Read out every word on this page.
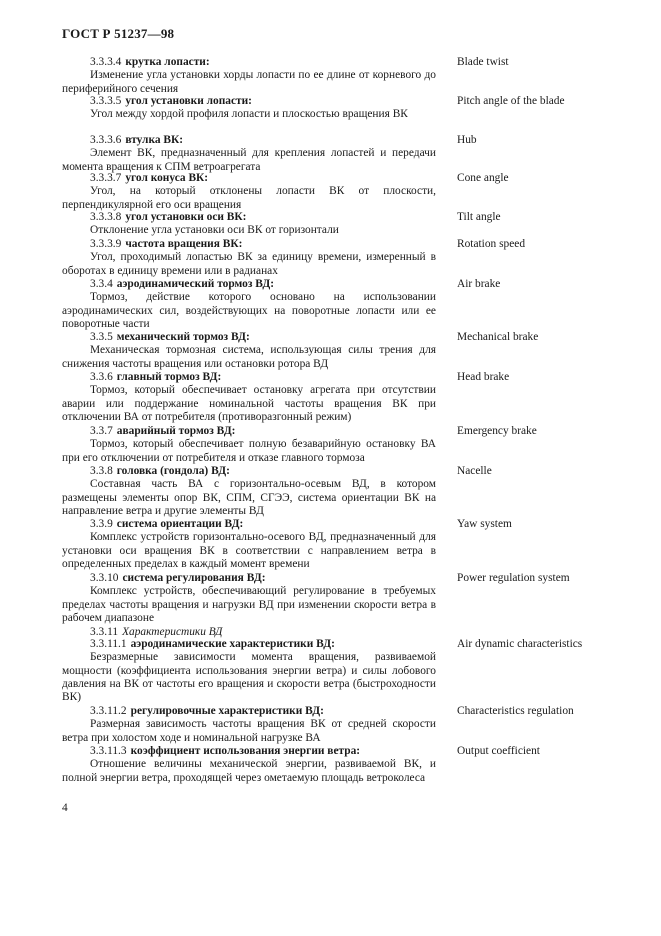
ГОСТ Р 51237—98
3.3.3.4 крутка лопасти:
Изменение угла установки хорды лопасти по ее длине от корневого до периферийного сечения
Blade twist
3.3.3.5 угол установки лопасти:
Угол между хордой профиля лопасти и плоскостью вращения ВК
Pitch angle of the blade
3.3.3.6 втулка ВК:
Элемент ВК, предназначенный для крепления лопастей и передачи момента вращения к СПМ ветроагрегата
Hub
3.3.3.7 угол конуса ВК:
Угол, на который отклонены лопасти ВК от плоскости, перпендикулярной его оси вращения
Cone angle
3.3.3.8 угол установки оси ВК:
Отклонение угла установки оси ВК от горизонтали
Tilt angle
3.3.3.9 частота вращения ВК:
Угол, проходимый лопастью ВК за единицу времени, измеренный в оборотах в единицу времени или в радианах
Rotation speed
3.3.4 аэродинамический тормоз ВД:
Тормоз, действие которого основано на использовании аэродинамических сил, воздействующих на поворотные лопасти или ее поворотные части
Air brake
3.3.5 механический тормоз ВД:
Механическая тормозная система, использующая силы трения для снижения частоты вращения или остановки ротора ВД
Mechanical brake
3.3.6 главный тормоз ВД:
Тормоз, который обеспечивает остановку агрегата при отсутствии аварии или поддержание номинальной частоты вращения ВК при отключении ВА от потребителя (противоразгонный режим)
Head brake
3.3.7 аварийный тормоз ВД:
Тормоз, который обеспечивает полную безаварийную остановку ВА при его отключении от потребителя и отказе главного тормоза
Emergency brake
3.3.8 головка (гондола) ВД:
Составная часть ВА с горизонтально-осевым ВД, в котором размещены элементы опор ВК, СПМ, СГЭЭ, система ориентации ВК на направление ветра и другие элементы ВД
Nacelle
3.3.9 система ориентации ВД:
Комплекс устройств горизонтально-осевого ВД, предназначенный для установки оси вращения ВК в соответствии с направлением ветра в определенных пределах в каждый момент времени
Yaw system
3.3.10 система регулирования ВД:
Комплекс устройств, обеспечивающий регулирование в требуемых пределах частоты вращения и нагрузки ВД при изменении скорости ветра в рабочем диапазоне
Power regulation system
3.3.11 Характеристики ВД
3.3.11.1 аэродинамические характеристики ВД:
Безразмерные зависимости момента вращения, развиваемой мощности (коэффициента использования энергии ветра) и силы лобового давления на ВК от частоты его вращения и скорости ветра (быстроходности ВК)
Air dynamic characteristics
3.3.11.2 регулировочные характеристики ВД:
Размерная зависимость частоты вращения ВК от средней скорости ветра при холостом ходе и номинальной нагрузке ВА
Characteristics regulation
3.3.11.3 коэффициент использования энергии ветра:
Отношение величины механической энергии, развиваемой ВК, и полной энергии ветра, проходящей через ометаемую площадь ветроколеса
Output coefficient
4
